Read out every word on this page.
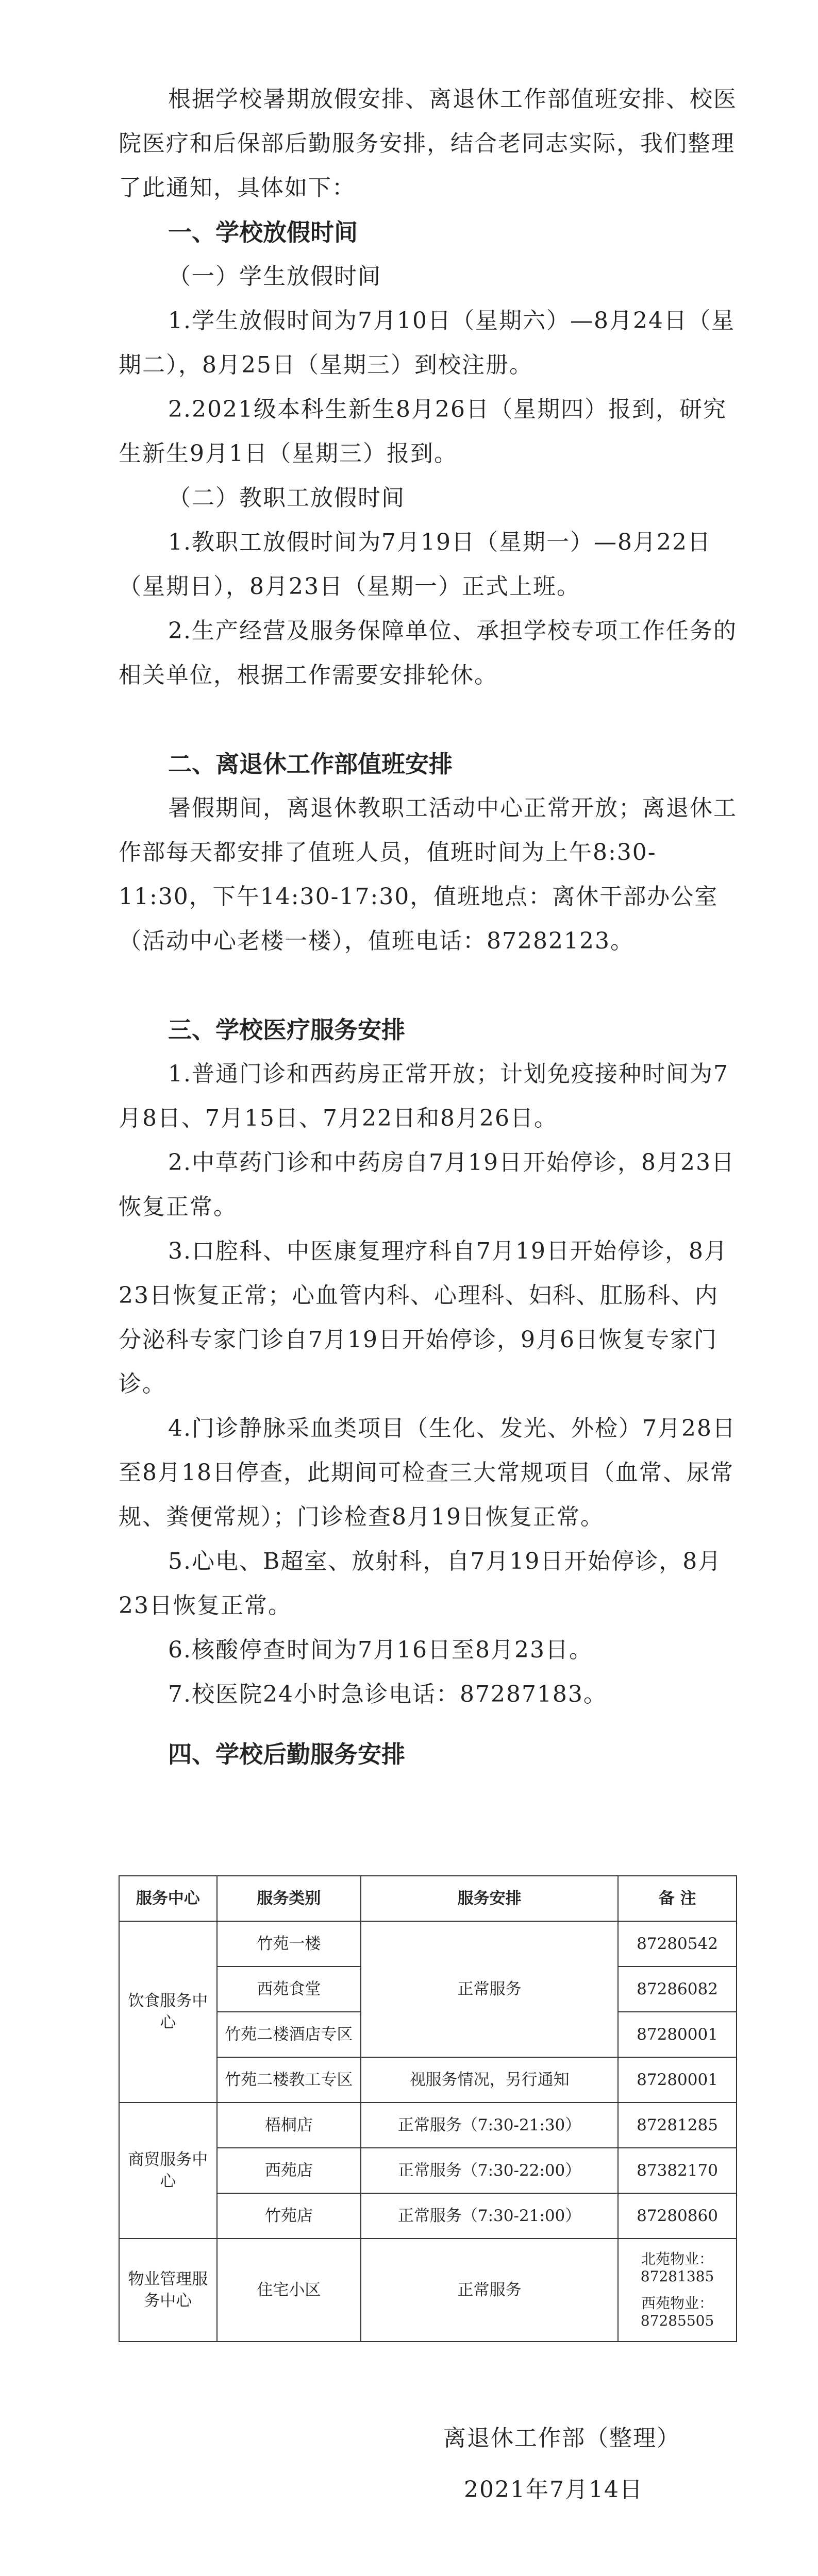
根据学校暑期放假安排、离退休工作部值班安排、校医院医疗和后保部后勤服务安排，结合老同志实际，我们整理了此通知，具体如下：

一、学校放假时间

（一）学生放假时间

1.学生放假时间为7月10日（星期六）—8月24日（星期二），8月25日（星期三）到校注册。

2.2021级本科生新生8月26日（星期四）报到，研究生新生9月1日（星期三）报到。

（二）教职工放假时间

1.教职工放假时间为7月19日（星期一）—8月22日（星期日），8月23日（星期一）正式上班。

2.生产经营及服务保障单位、承担学校专项工作任务的相关单位，根据工作需要安排轮休。

二、离退休工作部值班安排

暑假期间，离退休教职工活动中心正常开放；离退休工作部每天都安排了值班人员，值班时间为上午8:30-11:30，下午14:30-17:30，值班地点：离休干部办公室（活动中心老楼一楼），值班电话：87282123。

三、学校医疗服务安排

1.普通门诊和西药房正常开放；计划免疫接种时间为7月8日、7月15日、7月22日和8月26日。

2.中草药门诊和中药房自7月19日开始停诊，8月23日恢复正常。

3.口腔科、中医康复理疗科自7月19日开始停诊，8月23日恢复正常；心血管内科、心理科、妇科、肛肠科、内分泌科专家门诊自7月19日开始停诊，9月6日恢复专家门诊。

4.门诊静脉采血类项目（生化、发光、外检）7月28日至8月18日停查，此期间可检查三大常规项目（血常、尿常规、粪便常规）；门诊检查8月19日恢复正常。

5.心电、B超室、放射科，自7月19日开始停诊，8月23日恢复正常。

6.核酸停查时间为7月16日至8月23日。

7.校医院24小时急诊电话：87287183。

四、学校后勤服务安排
服务中心	服务类别	服务安排	备 注
饮食服务中心	竹苑一楼	正常服务	87280542
	西苑食堂		87286082
	竹苑二楼酒店专区		87280001
	竹苑二楼教工专区	视服务情况，另行通知	87280001
商贸服务中心	梧桐店	正常服务（7:30-21:30）	87281285
	西苑店	正常服务（7:30-22:00）	87382170
	竹苑店	正常服务（7:30-21:00）	87280860
物业管理服务中心	住宅小区	正常服务	北苑物业：87281385
西苑物业：87285505
离退休工作部（整理）
2021年7月14日
